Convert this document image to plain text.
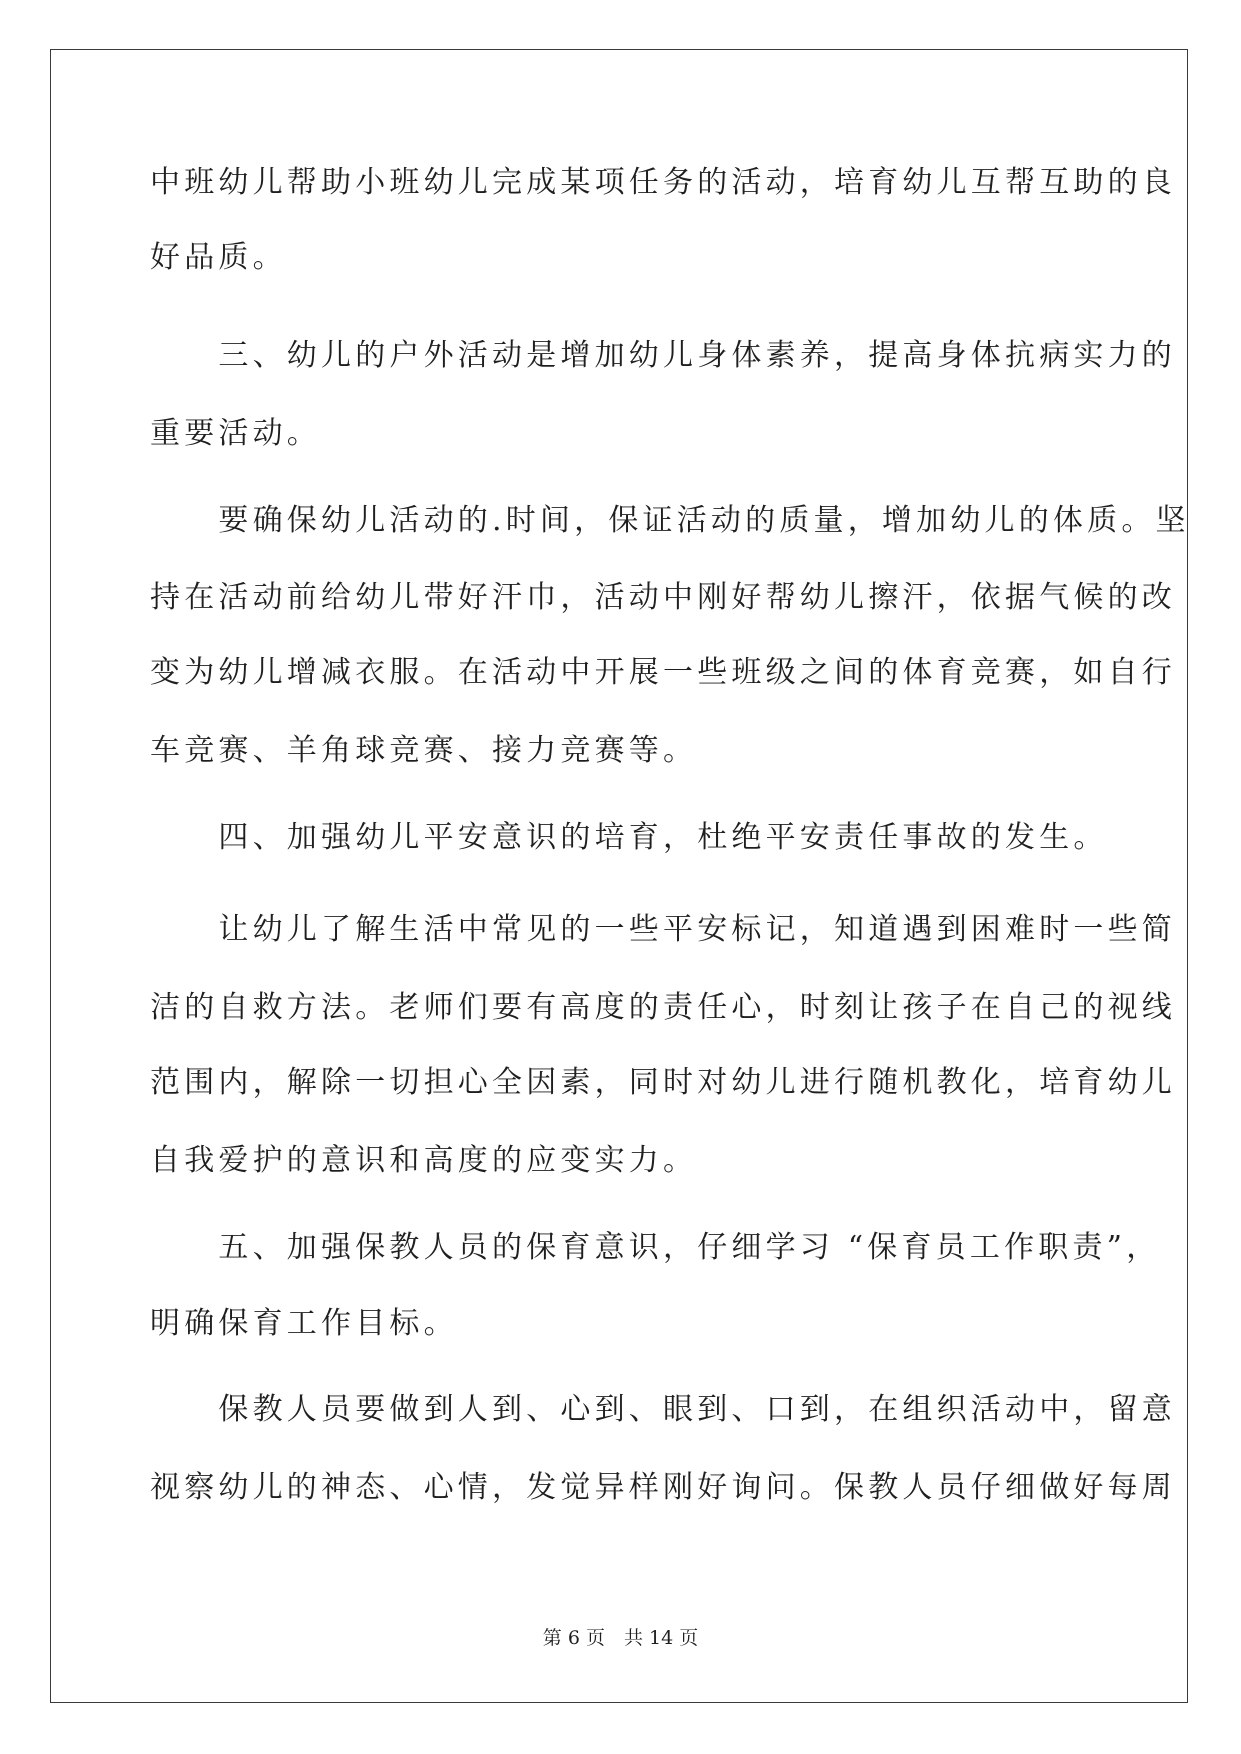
中班幼儿帮助小班幼儿完成某项任务的活动，培育幼儿互帮互助的良
好品质。
　　三、幼儿的户外活动是增加幼儿身体素养，提高身体抗病实力的
重要活动。
　　要确保幼儿活动的.时间，保证活动的质量，增加幼儿的体质。坚
持在活动前给幼儿带好汗巾，活动中刚好帮幼儿擦汗，依据气候的改
变为幼儿增减衣服。在活动中开展一些班级之间的体育竞赛，如自行
车竞赛、羊角球竞赛、接力竞赛等。
　　四、加强幼儿平安意识的培育，杜绝平安责任事故的发生。
　　让幼儿了解生活中常见的一些平安标记，知道遇到困难时一些简
洁的自救方法。老师们要有高度的责任心，时刻让孩子在自己的视线
范围内，解除一切担心全因素，同时对幼儿进行随机教化，培育幼儿
自我爱护的意识和高度的应变实力。
　　五、加强保教人员的保育意识，仔细学习 “保育员工作职责”，
明确保育工作目标。
　　保教人员要做到人到、心到、眼到、口到，在组织活动中，留意
视察幼儿的神态、心情，发觉异样刚好询问。保教人员仔细做好每周
第 6 页　共 14 页
